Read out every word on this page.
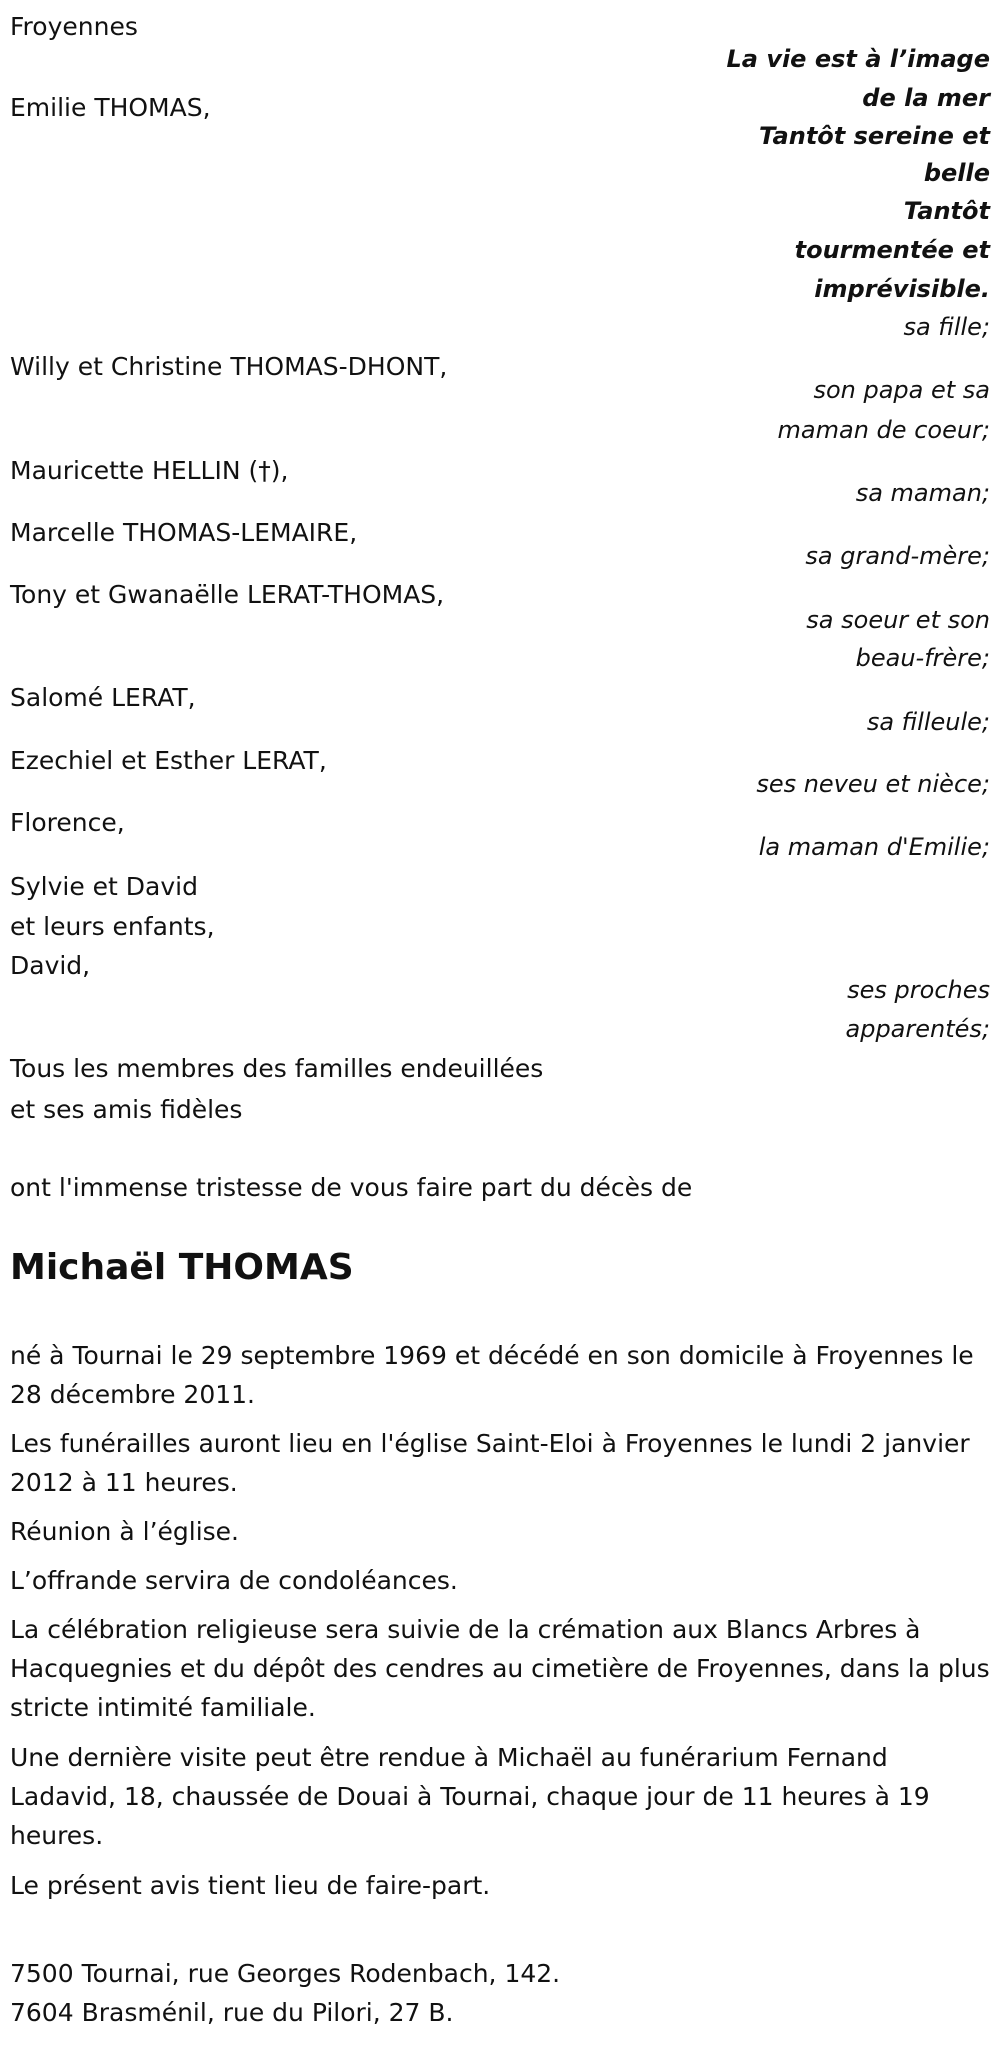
Froyennes
La vie est à l’image
de la mer
Tantôt sereine et
belle
Tantôt
tourmentée et
imprévisible.
Emilie THOMAS,
sa fille;
Willy et Christine THOMAS-DHONT,
son papa et sa
maman de coeur;
Mauricette HELLIN (†),
sa maman;
Marcelle THOMAS-LEMAIRE,
sa grand-mère;
Tony et Gwanaëlle LERAT-THOMAS,
sa soeur et son
beau-frère;
Salomé LERAT,
sa filleule;
Ezechiel et Esther LERAT,
ses neveu et nièce;
Florence,
la maman d'Emilie;
Sylvie et David
et leurs enfants,
David,
ses proches
apparentés;
Tous les membres des familles endeuillées
et ses amis fidèles
ont l'immense tristesse de vous faire part du décès de
Michaël THOMAS
né à Tournai le 29 septembre 1969 et décédé en son domicile à Froyennes le 28 décembre 2011.
Les funérailles auront lieu en l'église Saint-Eloi à Froyennes le lundi 2 janvier 2012 à 11 heures.
Réunion à l’église.
L’offrande servira de condoléances.
La célébration religieuse sera suivie de la crémation aux Blancs Arbres à Hacquegnies et du dépôt des cendres au cimetière de Froyennes, dans la plus stricte intimité familiale.
Une dernière visite peut être rendue à Michaël au funérarium Fernand Ladavid, 18, chaussée de Douai à Tournai, chaque jour de 11 heures à 19 heures.
Le présent avis tient lieu de faire-part.
7500 Tournai, rue Georges Rodenbach, 142.
7604 Brasménil, rue du Pilori, 27 B.
